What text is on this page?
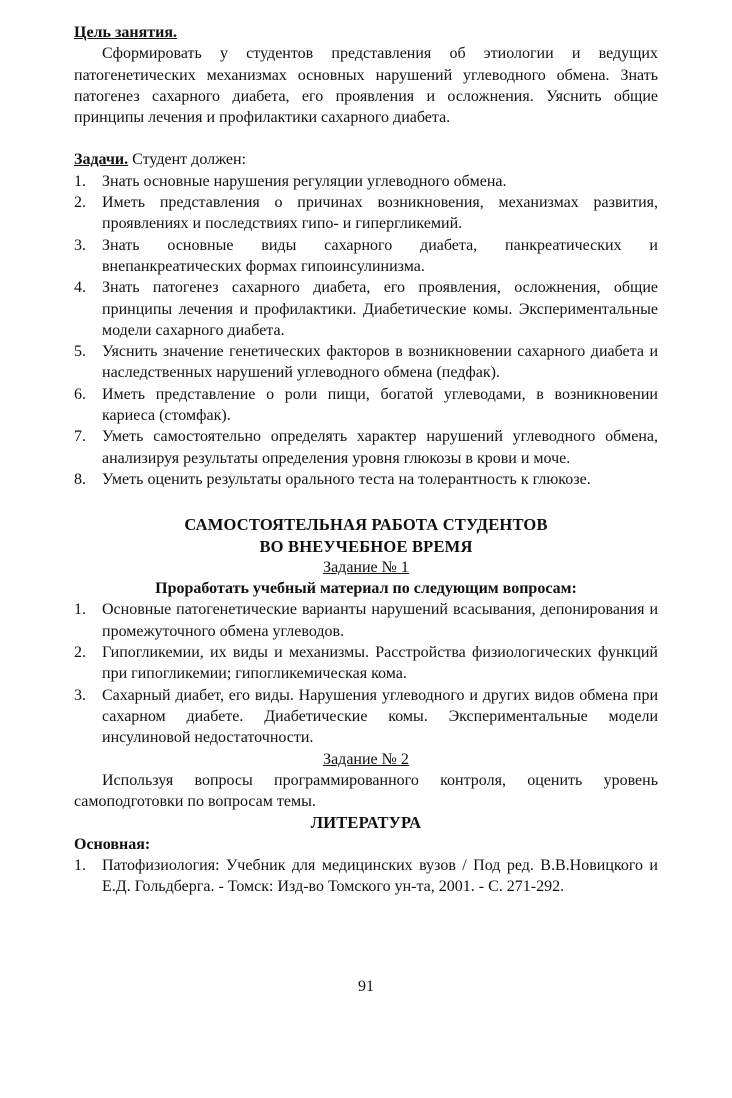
Цель занятия.

Сформировать у студентов представления об этиологии и ведущих патогенетических механизмах основных нарушений углеводного обмена. Знать патогенез сахарного диабета, его проявления и осложнения. Уяснить общие принципы лечения и профилактики сахарного диабета.

Задачи. Студент должен:

1.	Знать основные нарушения регуляции углеводного обмена.
2.	Иметь представления о причинах возникновения, механизмах развития, проявлениях и последствиях гипо- и гипергликемий.
3.	Знать основные виды сахарного диабета, панкреатических и внепанкреатических формах гипоинсулинизма.
4.	Знать патогенез сахарного диабета, его проявления, осложнения, общие принципы лечения и профилактики. Диабетические комы. Экспериментальные модели сахарного диабета.
5.	Уяснить значение генетических факторов в возникновении сахарного диабета и наследственных нарушений углеводного обмена (педфак).
6.	Иметь представление о роли пищи, богатой углеводами, в возникновении кариеса (стомфак).
7.	Уметь самостоятельно определять характер нарушений углеводного обмена, анализируя результаты определения уровня глюкозы в крови и моче.
8.	Уметь оценить результаты орального теста на толерантность к глюкозе.

САМОСТОЯТЕЛЬНАЯ РАБОТА СТУДЕНТОВ

ВО ВНЕУЧЕБНОЕ ВРЕМЯ

Задание № 1

Проработать учебный материал по следующим вопросам:

1.	Основные патогенетические варианты нарушений всасывания, депонирования и промежуточного обмена углеводов.
2.	Гипогликемии, их виды и механизмы. Расстройства физиологических функций при гипогликемии; гипогликемическая кома.
3.	Сахарный диабет, его виды. Нарушения углеводного и других видов обмена при сахарном диабете. Диабетические комы. Экспериментальные модели инсулиновой недостаточности.

Задание № 2

Используя вопросы программированного контроля, оценить уровень самоподготовки по вопросам темы.

ЛИТЕРАТУРА

Основная:

1.	Патофизиология: Учебник для медицинских вузов / Под ред. В.В.Новицкого и Е.Д. Гольдберга. - Томск: Изд-во Томского ун-та, 2001. - С. 271-292.
91
